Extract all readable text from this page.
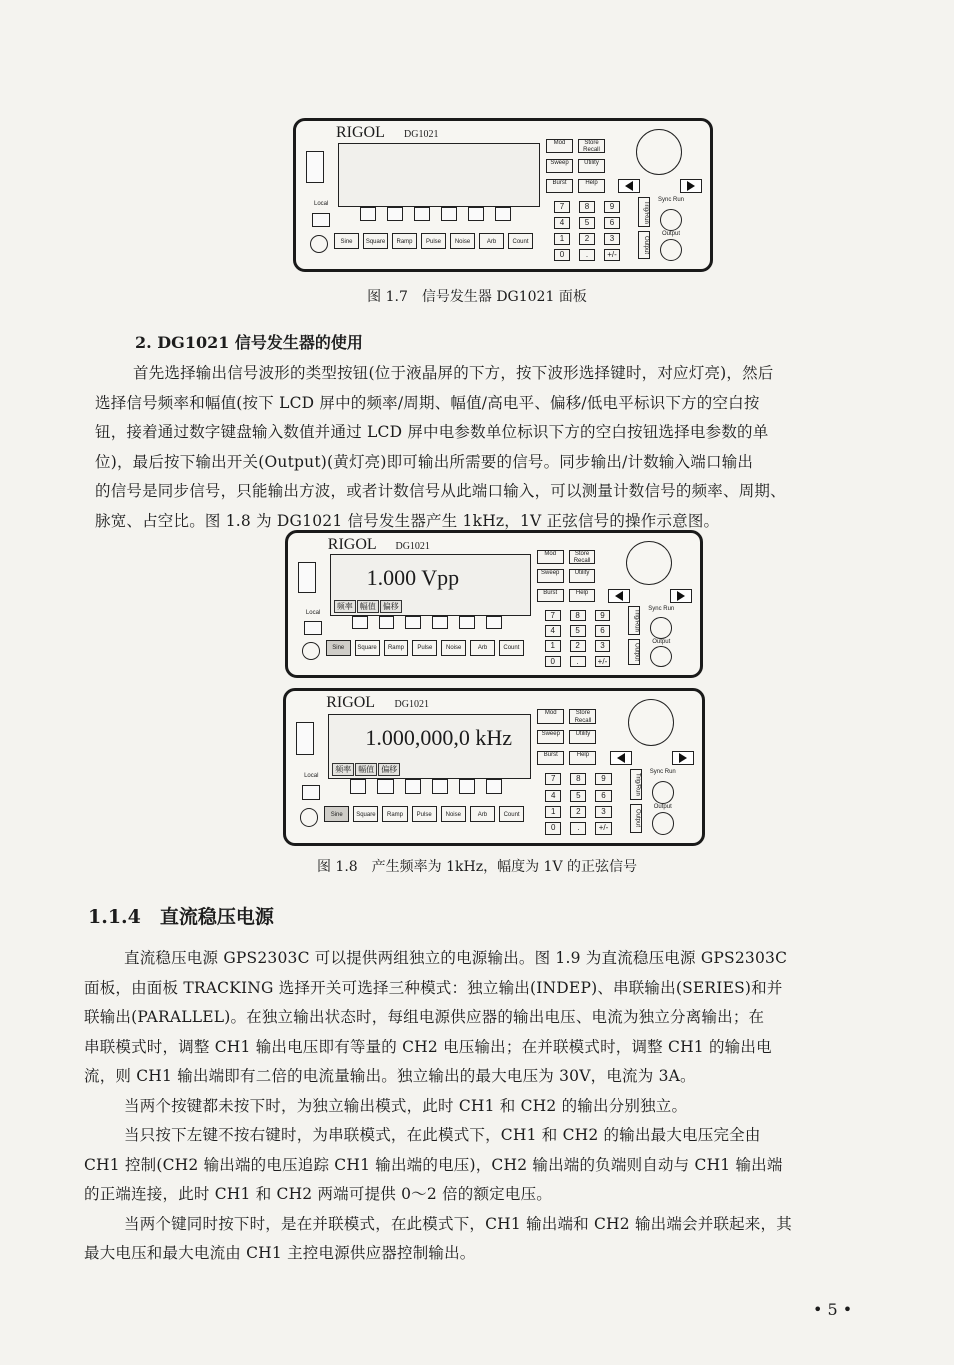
RIGOL DG1021
Local
Sine	Square	Ramp	Pulse	Noise	Arb	Count
Mod	Store Recall
Sweep	Utility
Burst	Help
7	8	9
4	5	6
1	2	3
0	.	+/-
Trig/Run
Output
Sync Run
Output
图 1.7　信号发生器 DG1021 面板
2. DG1021 信号发生器的使用

首先选择输出信号波形的类型按钮(位于液晶屏的下方，按下波形选择键时，对应灯亮)，然后

选择信号频率和幅值(按下 LCD 屏中的频率/周期、幅值/高电平、偏移/低电平标识下方的空白按

钮，接着通过数字键盘输入数值并通过 LCD 屏中电参数单位标识下方的空白按钮选择电参数的单

位)，最后按下输出开关(Output)(黄灯亮)即可输出所需要的信号。同步输出/计数输入端口输出

的信号是同步信号，只能输出方波，或者计数信号从此端口输入，可以测量计数信号的频率、周期、

脉宽、占空比。图 1.8 为 DG1021 信号发生器产生 1kHz，1V 正弦信号的操作示意图。

RIGOL DG1021
1.000 Vpp
频率 幅值 偏移
Local
Sine	Square	Ramp	Pulse	Noise	Arb	Count
Mod	Store Recall
Sweep	Utility
Burst	Help
7	8	9
4	5	6
1	2	3
0	.	+/-
Trig/Run
Output
Sync Run
Output
RIGOL DG1021
1.000,000,0 kHz
频率 幅值 偏移
Local
Sine	Square	Ramp	Pulse	Noise	Arb	Count
Mod	Store Recall
Sweep	Utility
Burst	Help
7	8	9
4	5	6
1	2	3
0	.	+/-
Trig/Run
Output
Sync Run
Output
图 1.8　产生频率为 1kHz，幅度为 1V 的正弦信号
1.1.4　直流稳压电源

直流稳压电源 GPS2303C 可以提供两组独立的电源输出。图 1.9 为直流稳压电源 GPS2303C

面板，由面板 TRACKING 选择开关可选择三种模式：独立输出(INDEP)、串联输出(SERIES)和并

联输出(PARALLEL)。在独立输出状态时，每组电源供应器的输出电压、电流为独立分离输出；在

串联模式时，调整 CH1 输出电压即有等量的 CH2 电压输出；在并联模式时，调整 CH1 的输出电

流，则 CH1 输出端即有二倍的电流量输出。独立输出的最大电压为 30V，电流为 3A。

当两个按键都未按下时，为独立输出模式，此时 CH1 和 CH2 的输出分别独立。

当只按下左键不按右键时，为串联模式，在此模式下，CH1 和 CH2 的输出最大电压完全由

CH1 控制(CH2 输出端的电压追踪 CH1 输出端的电压)，CH2 输出端的负端则自动与 CH1 输出端

的正端连接，此时 CH1 和 CH2 两端可提供 0～2 倍的额定电压。

当两个键同时按下时，是在并联模式，在此模式下，CH1 输出端和 CH2 输出端会并联起来，其

最大电压和最大电流由 CH1 主控电源供应器控制输出。

• 5 •
